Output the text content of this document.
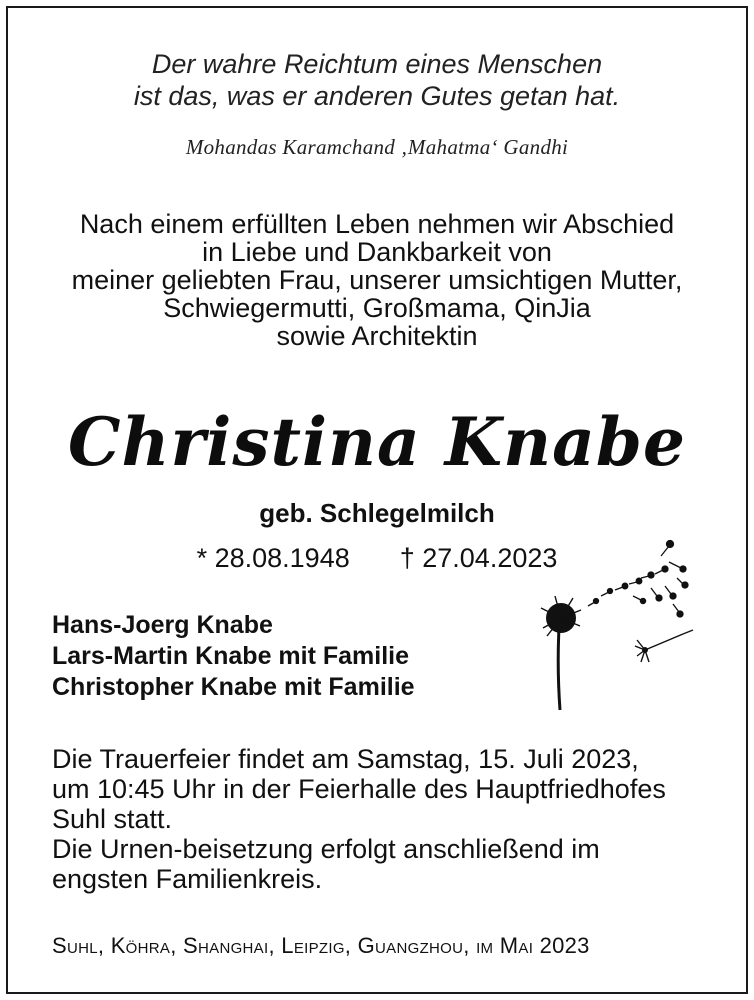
Der wahre Reichtum eines Menschen
ist das, was er anderen Gutes getan hat.
Mohandas Karamchand ‚Mahatma‘ Gandhi
Nach einem erfüllten Leben nehmen wir Abschied
in Liebe und Dankbarkeit von
meiner geliebten Frau, unserer umsichtigen Mutter,
Schwiegermutti, Großmama, QinJia
sowie Architektin
Christina Knabe
geb. Schlegelmilch
* 28.08.1948 † 27.04.2023
Hans-Joerg Knabe
Lars-Martin Knabe mit Familie
Christopher Knabe mit Familie
Die Trauerfeier findet am Samstag, 15. Juli 2023,
um 10:45 Uhr in der Feierhalle des Hauptfriedhofes
Suhl statt.
Die Urnen-beisetzung erfolgt anschließend im
engsten Familienkreis.
Suhl, Köhra, Shanghai, Leipzig, Guangzhou, im Mai 2023
